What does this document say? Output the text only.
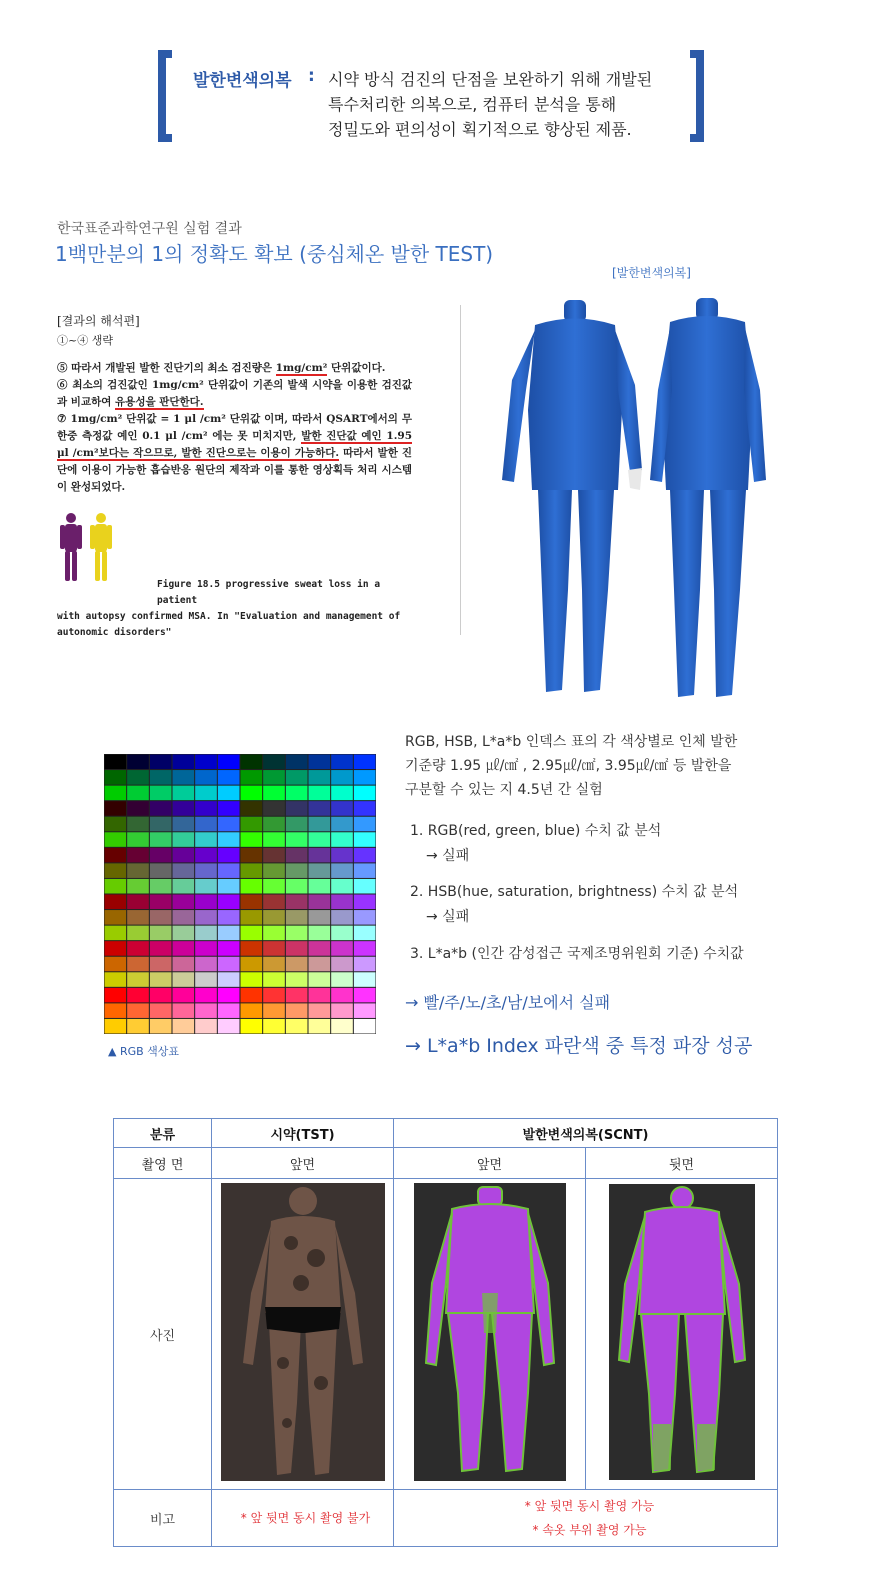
발한변색의복 : 시약 방식 검진의 단점을 보완하기 위해 개발된
특수처리한 의복으로, 컴퓨터 분석을 통해
정밀도와 편의성이 획기적으로 향상된 제품.
한국표준과학연구원 실험 결과
1백만분의 1의 정확도 확보 (중심체온 발한 TEST)
[발한변색의복]
[결과의 해석편]
①~④ 생략

⑤ 따라서 개발된 발한 진단기의 최소 검진량은 1mg/cm² 단위값이다.

⑥ 최소의 검진값인 1mg/cm² 단위값이 기존의 발색 시약을 이용한 검진값과 비교하여 유용성을 판단한다.

⑦ 1mg/cm² 단위값 = 1 μl /cm² 단위값 이며, 따라서 QSART에서의 무한중 측정값 예인 0.1 μl /cm² 에는 못 미치지만, 발한 진단값 예인 1.95 μl /cm²보다는 작으므로, 발한 진단으로는 이용이 가능하다. 따라서 발한 진단에 이용이 가능한 흡습반응 원단의 제작과 이를 통한 영상획득 처리 시스템이 완성되었다.

Figure 18.5 progressive sweat loss in a patient
with autopsy confirmed MSA. In "Evaluation and management of autonomic disorders"
▲ RGB 색상표
RGB, HSB, L*a*b 인덱스 표의 각 색상별로 인체 발한
기준량 1.95 ㎕/㎠ , 2.95㎕/㎠, 3.95㎕/㎠ 등 발한을
구분할 수 있는 지 4.5년 간 실험
1. RGB(red, green, blue) 수치 값 분석
→ 실패
2. HSB(hue, saturation, brightness) 수치 값 분석
→ 실패
3. L*a*b (인간 감성접근 국제조명위원회 기준) 수치값
→ 빨/주/노/초/남/보에서 실패
→ L*a*b Index 파란색 중 특정 파장 성공
분류	시약(TST)	발한변색의복(SCNT)	
촬영 면	앞면	앞면	뒷면
사진			
비고	* 앞 뒷면 동시 촬영 불가	* 앞 뒷면 동시 촬영 가능
* 속옷 부위 촬영 가능	
